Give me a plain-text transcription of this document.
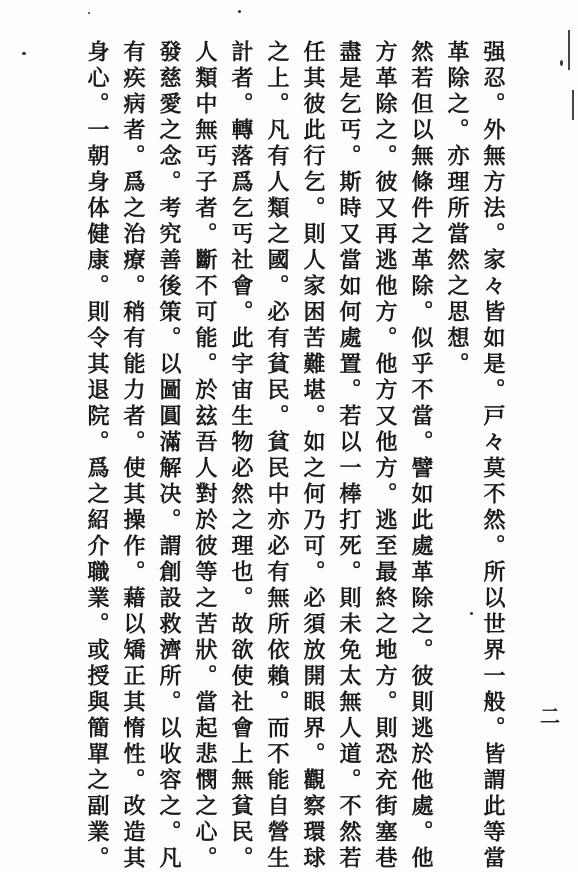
强忍。外無方法。家々皆如是。戸々莫不然。所以世界一般。皆謂此等當
革除之。亦理所當然之思想。
然若但以無條件之革除。似乎不當。譬如此處革除之。彼則逃於他處。他
方革除之。彼又再逃他方。他方又他方。逃至最終之地方。則恐充街塞巷
盡是乞丐。斯時又當如何處置。若以一棒打死。則未免太無人道。不然若
任其彼此行乞。則人家困苦難堪。如之何乃可。必須放開眼界。觀察環球
之上。凡有人類之國。必有貧民。貧民中亦必有無所依賴。而不能自營生
計者。轉落爲乞丐社會。此宇宙生物必然之理也。故欲使社會上無貧民。
人類中無丐子者。斷不可能。於玆吾人對於彼等之苦狀。當起悲憫之心。
發慈愛之念。考究善後策。以圖圓滿解决。謂創設救濟所。以收容之。凡
有疾病者。爲之治療。稍有能力者。使其操作。藉以矯正其惰性。改造其
身心。一朝身体健康。則令其退院。爲之紹介職業。或授與簡單之副業。	二
